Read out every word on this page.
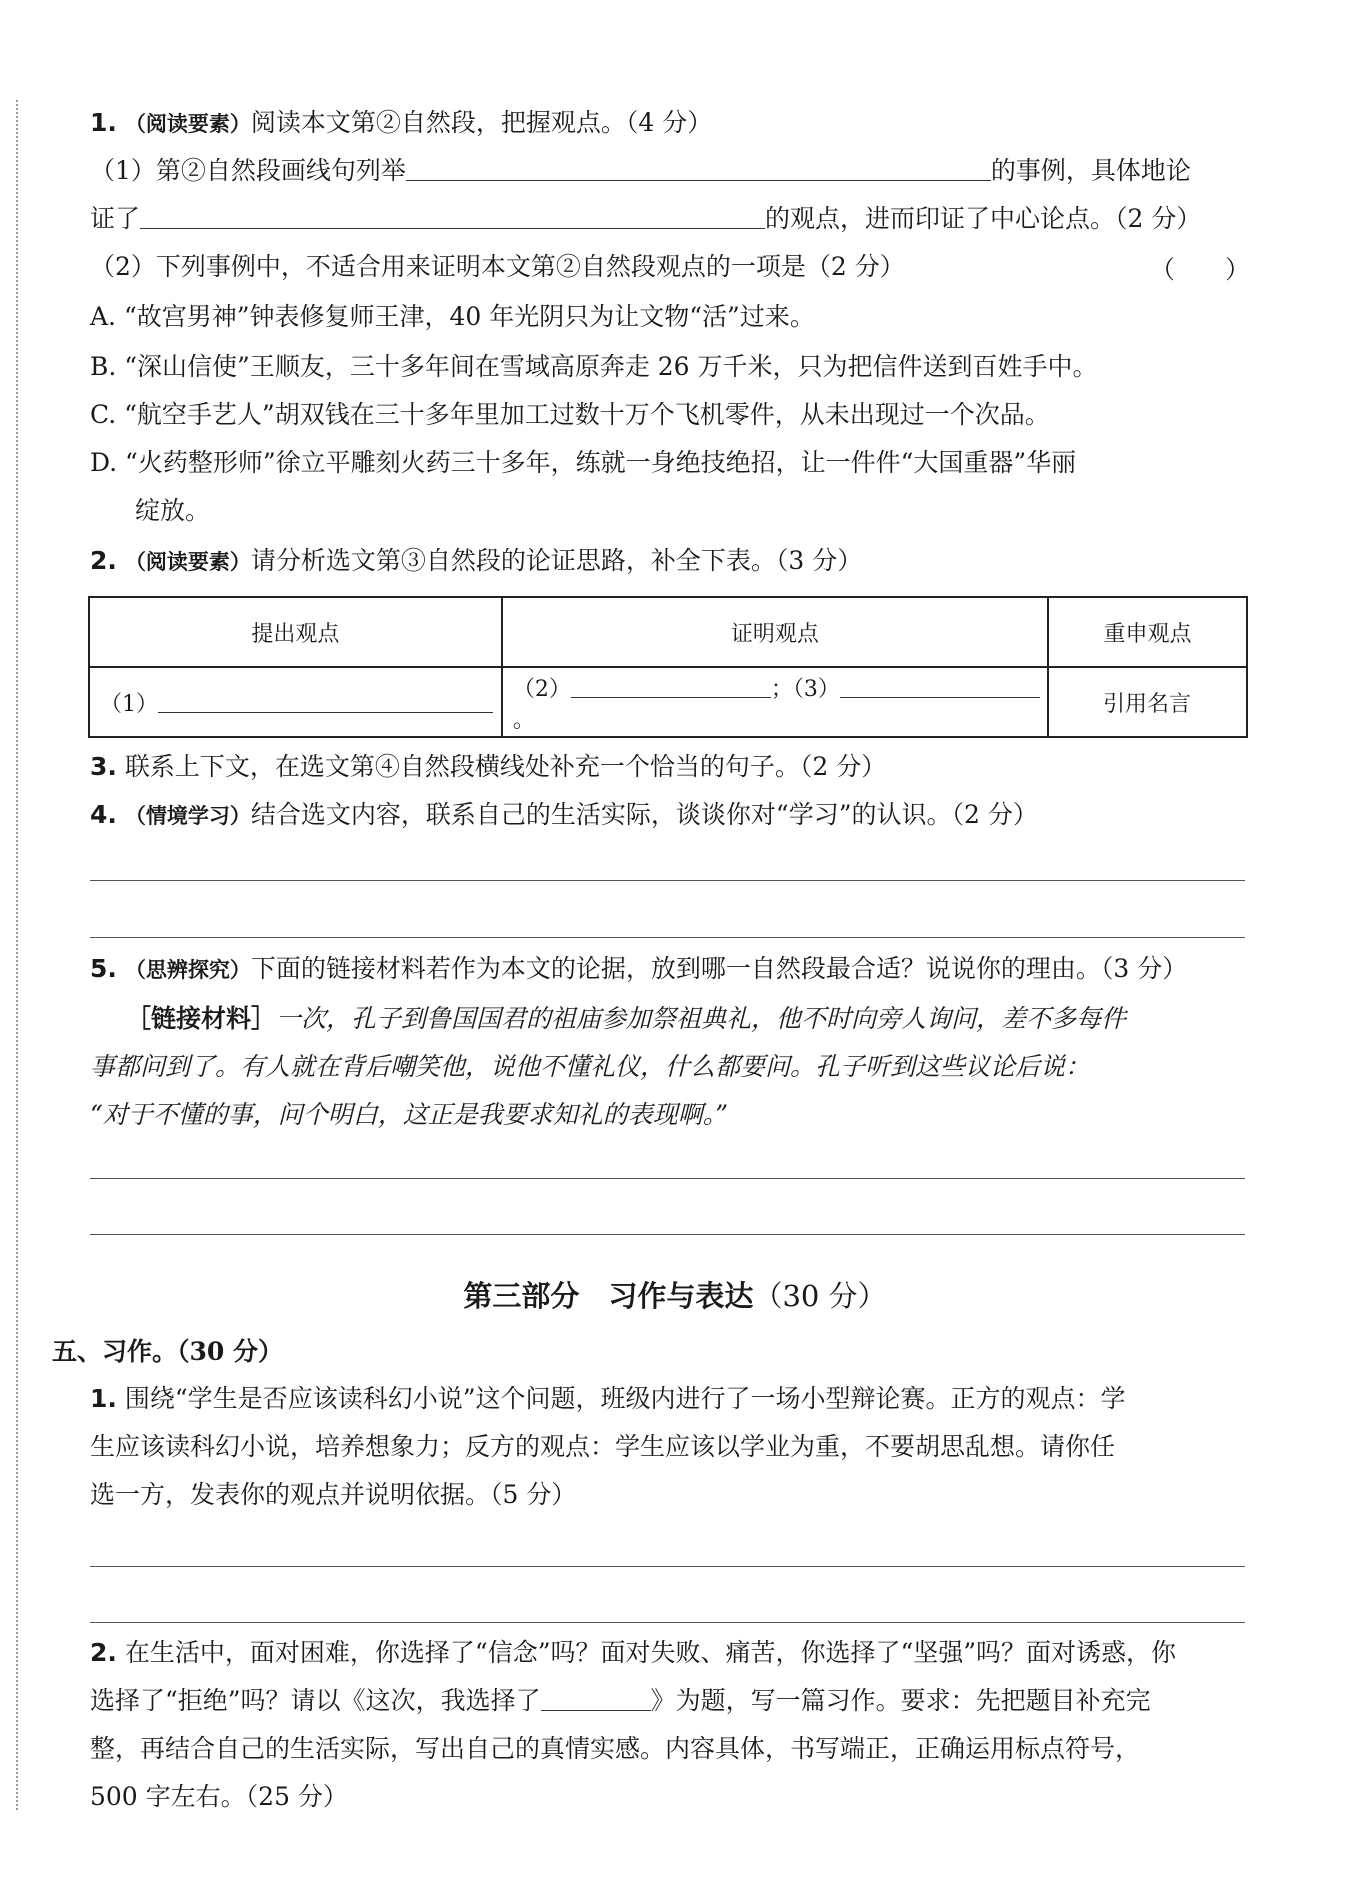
1. （阅读要素）阅读本文第②自然段，把握观点。（4 分）
（1）第②自然段画线句列举	的事例，具体地论
证了	的观点，进而印证了中心论点。（2 分）
（2）下列事例中，不适合用来证明本文第②自然段观点的一项是（2 分）	（　　）
A. “故宫男神”钟表修复师王津，40 年光阴只为让文物“活”过来。
B. “深山信使”王顺友，三十多年间在雪域高原奔走 26 万千米，只为把信件送到百姓手中。
C. “航空手艺人”胡双钱在三十多年里加工过数十万个飞机零件，从未出现过一个次品。
D. “火药整形师”徐立平雕刻火药三十多年，练就一身绝技绝招，让一件件“大国重器”华丽
绽放。
2. （阅读要素）请分析选文第③自然段的论证思路，补全下表。（3 分）
提出观点	证明观点	重申观点
（1）	（2） ；（3）。	引用名言
3. 联系上下文，在选文第④自然段横线处补充一个恰当的句子。（2 分）
4. （情境学习）结合选文内容，联系自己的生活实际，谈谈你对“学习”的认识。（2 分）
5. （思辨探究）下面的链接材料若作为本文的论据，放到哪一自然段最合适？说说你的理由。（3 分）
［链接材料］一次，孔子到鲁国国君的祖庙参加祭祖典礼，他不时向旁人询问，差不多每件
事都问到了。有人就在背后嘲笑他，说他不懂礼仪，什么都要问。孔子听到这些议论后说：
“对于不懂的事，问个明白，这正是我要求知礼的表现啊。”
第三部分　习作与表达（30 分）
五、习作。（30 分）
1. 围绕“学生是否应该读科幻小说”这个问题，班级内进行了一场小型辩论赛。正方的观点：学
生应该读科幻小说，培养想象力；反方的观点：学生应该以学业为重，不要胡思乱想。请你任
选一方，发表你的观点并说明依据。（5 分）
2. 在生活中，面对困难，你选择了“信念”吗？面对失败、痛苦，你选择了“坚强”吗？面对诱惑，你
选择了“拒绝”吗？请以《这次，我选择了	》为题，写一篇习作。要求：先把题目补充完
整，再结合自己的生活实际，写出自己的真情实感。内容具体，书写端正，正确运用标点符号，
500 字左右。（25 分）
